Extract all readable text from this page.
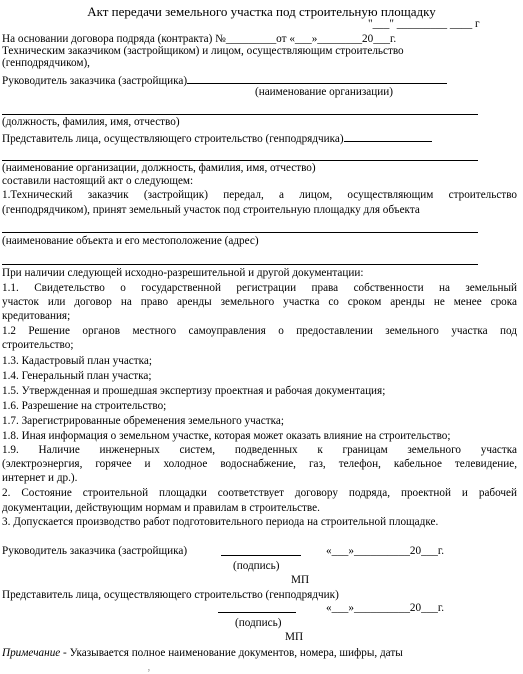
Акт передачи земельного участка под строительную площадку
"___" _________ ____ г
На основании договора подряда (контракта) №_________от «___»________20___г.
Техническим заказчиком (застройщиком) и лицом, осуществляющим строительство
(генподрядчиком),
Руководитель заказчика (застройщика)
(наименование организации)
(должность, фамилия, имя, отчество)
Представитель лица, осуществляющего строительство (генподрядчика)
(наименование организации, должность, фамилия, имя, отчество)
составили настоящий акт о следующем:
1.Технический заказчик (застройщик) передал, а лицом, осуществляющим строительство
(генподрядчиком), принят земельный участок под строительную площадку для объекта
(наименование объекта и его местоположение (адрес)
При наличии следующей исходно-разрешительной и другой документации:
1.1. Свидетельство о государственной регистрации права собственности на земельный
участок или договор на право аренды земельного участка со сроком аренды не менее срока
кредитования;
1.2 Решение органов местного самоуправления о предоставлении земельного участка под
строительство;
1.3. Кадастровый план участка;
1.4. Генеральный план участка;
1.5. Утвержденная и прошедшая экспертизу проектная и рабочая документация;
1.6. Разрешение на строительство;
1.7. Зарегистрированные обременения земельного участка;
1.8. Иная информация о земельном участке, которая может оказать влияние на строительство;
1.9. Наличие инженерных систем, подведенных к границам земельного участка
(электроэнергия, горячее и холодное водоснабжение, газ, телефон, кабельное телевидение,
интернет и др.).
2. Состояние строительной площадки соответствует договору подряда, проектной и рабочей
документации, действующим нормам и правилам в строительстве.
3. Допускается производство работ подготовительного периода на строительной площадке.
Руководитель заказчика (застройщика)	«___»__________20___г.
(подпись)
МП
Представитель лица, осуществляющего строительство (генподрядчик)
«___»__________20___г.
(подпись)
МП
Примечание - Указывается полное наименование документов, номера, шифры, даты
,
